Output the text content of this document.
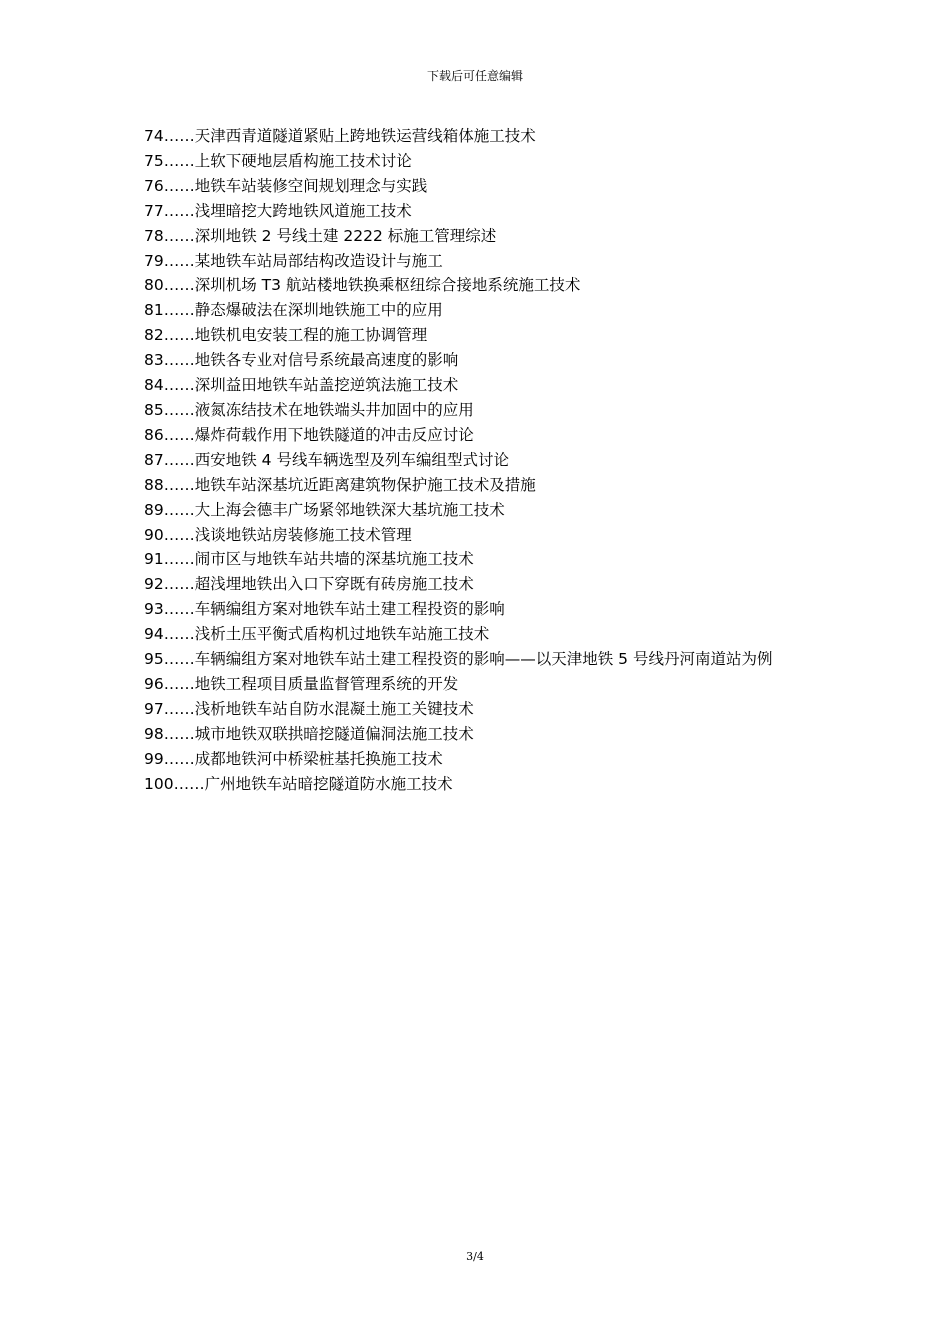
下载后可任意编辑
74……天津西青道隧道紧贴上跨地铁运营线箱体施工技术
75……上软下硬地层盾构施工技术讨论
76……地铁车站装修空间规划理念与实践
77……浅埋暗挖大跨地铁风道施工技术
78……深圳地铁 2 号线土建 2222 标施工管理综述
79……某地铁车站局部结构改造设计与施工
80……深圳机场 T3 航站楼地铁换乘枢纽综合接地系统施工技术
81……静态爆破法在深圳地铁施工中的应用
82……地铁机电安装工程的施工协调管理
83……地铁各专业对信号系统最高速度的影响
84……深圳益田地铁车站盖挖逆筑法施工技术
85……液氮冻结技术在地铁端头井加固中的应用
86……爆炸荷载作用下地铁隧道的冲击反应讨论
87……西安地铁 4 号线车辆选型及列车编组型式讨论
88……地铁车站深基坑近距离建筑物保护施工技术及措施
89……大上海会德丰广场紧邻地铁深大基坑施工技术
90……浅谈地铁站房装修施工技术管理
91……闹市区与地铁车站共墙的深基坑施工技术
92……超浅埋地铁出入口下穿既有砖房施工技术
93……车辆编组方案对地铁车站土建工程投资的影响
94……浅析土压平衡式盾构机过地铁车站施工技术
95……车辆编组方案对地铁车站土建工程投资的影响——以天津地铁 5 号线丹河南道站为例
96……地铁工程项目质量监督管理系统的开发
97……浅析地铁车站自防水混凝土施工关键技术
98……城市地铁双联拱暗挖隧道偏洞法施工技术
99……成都地铁河中桥梁桩基托换施工技术
100……广州地铁车站暗挖隧道防水施工技术
3/4
